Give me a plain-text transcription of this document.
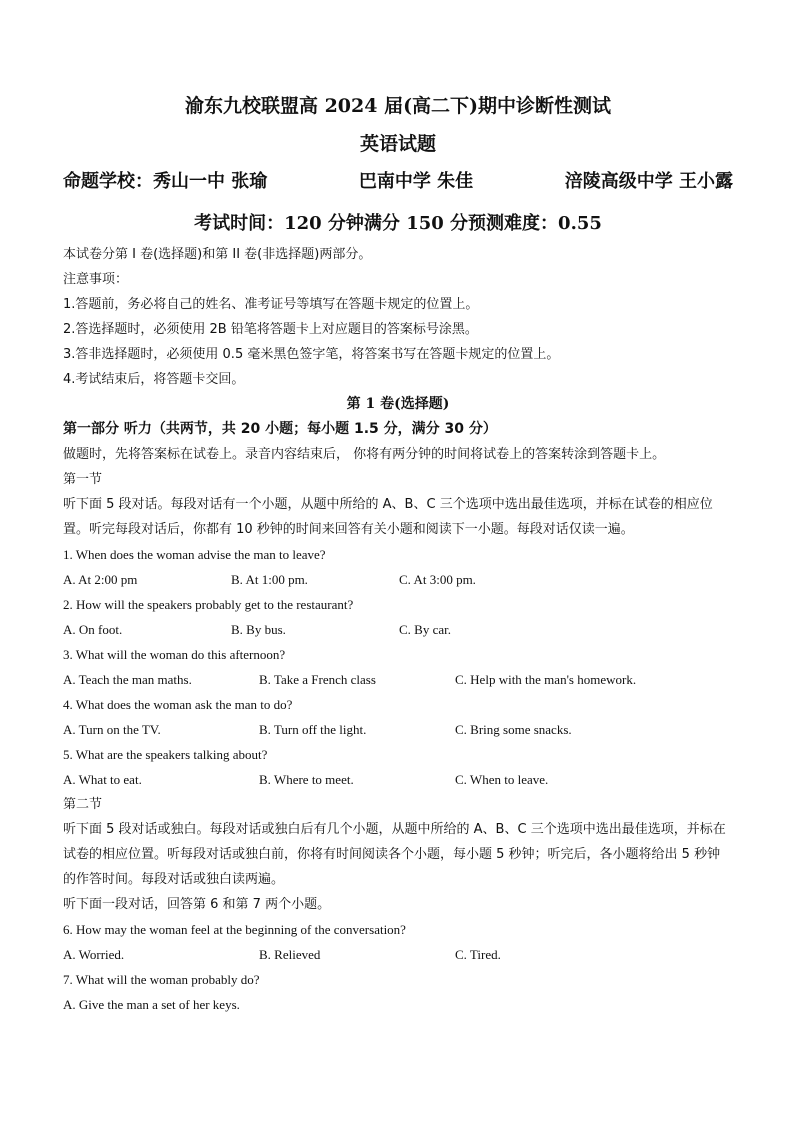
渝东九校联盟高 2024 届(高二下)期中诊断性测试

英语试题

命题学校：秀山一中 张瑜	巴南中学 朱佳	涪陵高级中学 王小露
考试时间：120 分钟满分 150 分预测难度：0.55

本试卷分第 I 卷(选择题)和第 II 卷(非选择题)两部分。

注意事项：

1.答题前，务必将自己的姓名、准考证号等填写在答题卡规定的位置上。

2.答选择题时，必须使用 2B 铅笔将答题卡上对应题目的答案标号涂黑。

3.答非选择题时，必须使用 0.5 毫米黑色签字笔，将答案书写在答题卡规定的位置上。

4.考试结束后，将答题卡交回。

第 1 卷(选择题)
第一部分 听力（共两节，共 20 小题；每小题 1.5 分，满分 30 分）

做题时，先将答案标在试卷上。录音内容结束后， 你将有两分钟的时间将试卷上的答案转涂到答题卡上。

第一节

听下面 5 段对话。每段对话有一个小题，从题中所给的 A、B、C 三个选项中选出最佳选项，并标在试卷的相应位置。听完每段对话后，你都有 10 秒钟的时间来回答有关小题和阅读下一小题。每段对话仅读一遍。

1. When does the woman advise the man to leave?
A. At 2:00 pm	B. At 1:00 pm.	C. At 3:00 pm.
2. How will the speakers probably get to the restaurant?
A. On foot.	B. By bus.	C. By car.
3. What will the woman do this afternoon?
A. Teach the man maths.	B. Take a French class	C. Help with the man's homework.
4. What does the woman ask the man to do?
A. Turn on the TV.	B. Turn off the light.	C. Bring some snacks.
5. What are the speakers talking about?
A. What to eat.	B. Where to meet.	C. When to leave.

第二节

听下面 5 段对话或独白。每段对话或独白后有几个小题，从题中所给的 A、B、C 三个选项中选出最佳选项，并标在试卷的相应位置。听每段对话或独白前，你将有时间阅读各个小题，每小题 5 秒钟；听完后，各小题将给出 5 秒钟的作答时间。每段对话或独白读两遍。

听下面一段对话，回答第 6 和第 7 两个小题。

6. How may the woman feel at the beginning of the conversation?
A. Worried.	B. Relieved	C. Tired.
7. What will the woman probably do?
A. Give the man a set of her keys.
